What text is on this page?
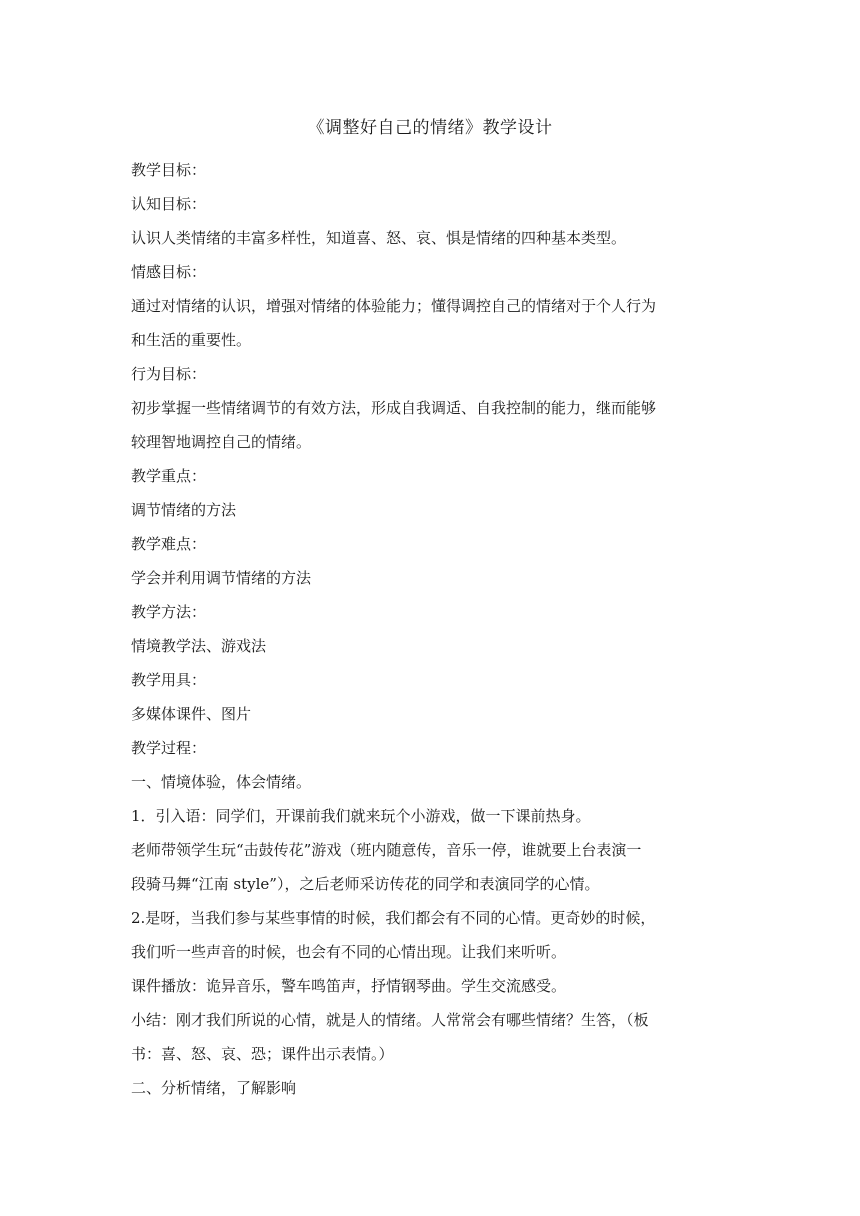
《调整好自己的情绪》教学设计
教学目标：
认知目标：
认识人类情绪的丰富多样性，知道喜、怒、哀、惧是情绪的四种基本类型。
情感目标：
通过对情绪的认识，增强对情绪的体验能力；懂得调控自己的情绪对于个人行为
和生活的重要性。
行为目标：
初步掌握一些情绪调节的有效方法，形成自我调适、自我控制的能力，继而能够
较理智地调控自己的情绪。
教学重点：
调节情绪的方法
教学难点：
学会并利用调节情绪的方法
教学方法：
情境教学法、游戏法
教学用具：
多媒体课件、图片
教学过程：
一、情境体验，体会情绪。
1．引入语：同学们，开课前我们就来玩个小游戏，做一下课前热身。
老师带领学生玩“击鼓传花”游戏（班内随意传，音乐一停，谁就要上台表演一
段骑马舞“江南 style”），之后老师采访传花的同学和表演同学的心情。
2.是呀，当我们参与某些事情的时候，我们都会有不同的心情。更奇妙的时候，
我们听一些声音的时候，也会有不同的心情出现。让我们来听听。
课件播放：诡异音乐，警车鸣笛声，抒情钢琴曲。学生交流感受。
小结：刚才我们所说的心情，就是人的情绪。人常常会有哪些情绪？生答，（板
书：喜、怒、哀、恐；课件出示表情。）
二、分析情绪，了解影响
